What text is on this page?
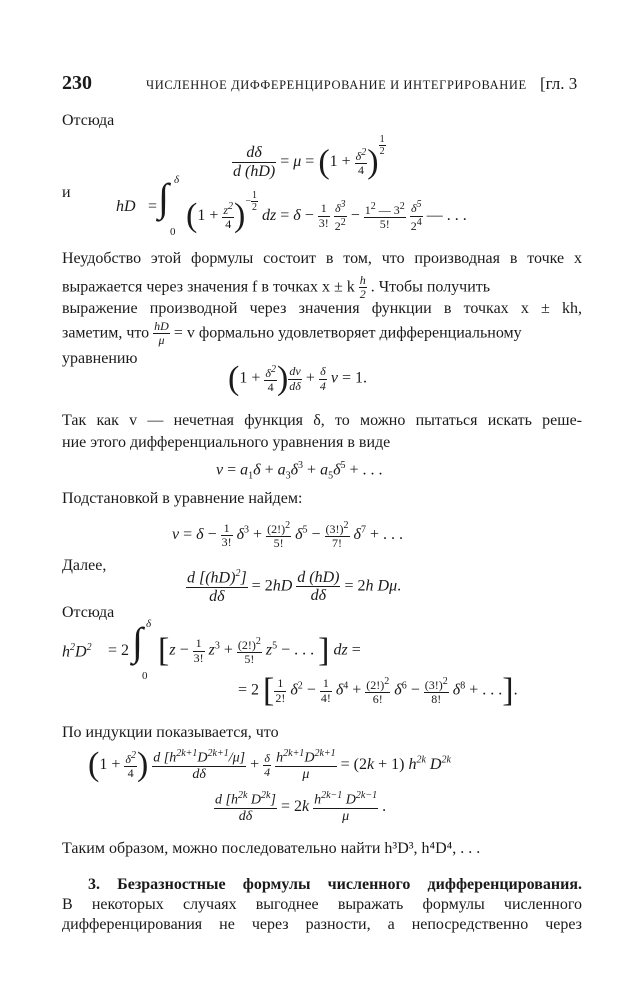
230	ЧИСЛЕННОЕ ДИФФЕРЕНЦИРОВАНИЕ И ИНТЕГРИРОВАНИЕ [гл. 3
Отсюда
$\frac{d\delta}{d (hD)} = \mu = (1 + \frac{\delta^2}{4}$ ) $^{\frac{1}{2}}$
и
hD = ∫ δ
0 $(1 + \frac{z^2}{4} )^{- \frac{1}{2}}$
dz = $\delta - \frac{1}{3!}$
$\frac{\delta^3}{2^2} - \frac{1^2 — 3^2}{5!}$
$\frac{\delta^5}{2^4}$ — . . .
Неудобство этой формулы состоит в том, что производная в точке x
выражается через значения f в точках x ± k $\frac{h}{2}$ . Чтобы получить
выражение производной через значения функции в точках x ± kh,
заметим, что $\frac{hD}{\mu} = v$ формально удовлетворяет дифференциальному
уравнению
($1 + \frac{\delta^2}{4}$ ) $\frac{dv}{d\delta} + \frac{\delta}{4}$ v = 1.
Так как v — нечетная функция δ, то можно пытаться искать реше-
ние этого дифференциального уравнения в виде
$v = a_1\delta + a_3\delta^3 + a_5\delta^5$ + . . .
Подстановкой в уравнение найдем:
$v = \delta - \frac{1}{3!} \delta^3 + \frac{(2!)^2}{5!} \delta^5 - \frac{(3!)^2}{7!} \delta^7$ + . . .
Далее,
$\frac{d [(hD)^2]}{d\delta} = 2hD \frac{d (hD)}{d\delta} = 2h$ Dμ.
Отсюда
$h^2D^2 = 2$ ∫ δ
0
[$z - \frac{1}{3!} z^3 + \frac{(2!)^2}{5!} z^5$ − . . . ] dz =
= 2 [ $\frac{1}{2!} \delta^2 - \frac{1}{4!} \delta^4 + \frac{(2!)^2}{6!} \delta^6 - \frac{(3!)^2}{8!} \delta^8$ + . . .].
По индукции показывается, что
($1 + \frac{\delta^2}{4}$ ) $\frac{d [h^{2k+1}D^{2k+1}/\mu]}{d\delta} + \frac{\delta}{4}$
$\frac{h^{2k+1}D^{2k+1}}{\mu} = (2k + 1)$ $h^{2k}$ $D^{2k}$
$\frac{d [h^{2k} D^{2k}]}{d\delta} = 2k \frac{h^{2k-1} D^{2k-1}}{\mu}$ .
Таким образом, можно последовательно найти h³D³, h⁴D⁴, . . .
3. Безразностные формулы численного дифференцирования.
В некоторых случаях выгоднее выражать формулы численного
дифференцирования не через разности, а непосредственно через
